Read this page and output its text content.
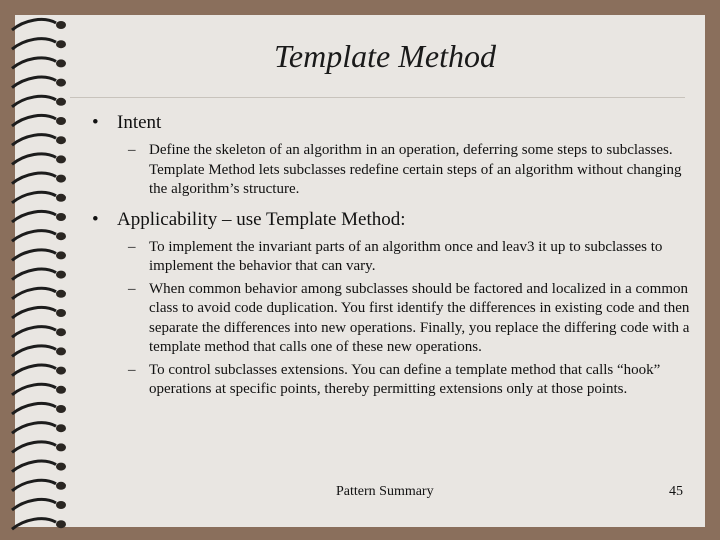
Template Method
• Intent
– Define the skeleton of an algorithm in an operation, deferring some steps to subclasses. Template Method lets subclasses redefine certain steps of an algorithm without changing the algorithm’s structure.
• Applicability – use Template Method:
– To implement the invariant parts of an algorithm once and leav3 it up to subclasses to implement the behavior that can vary.
– When common behavior among subclasses should be factored and localized in a common class to avoid code duplication. You first identify the differences in existing code and then separate the differences into new operations. Finally, you replace the differing code with a template method that calls one of these new operations.
– To control subclasses extensions. You can define a template method that calls “hook” operations at specific points, thereby permitting extensions only at those points.
Pattern Summary	45
